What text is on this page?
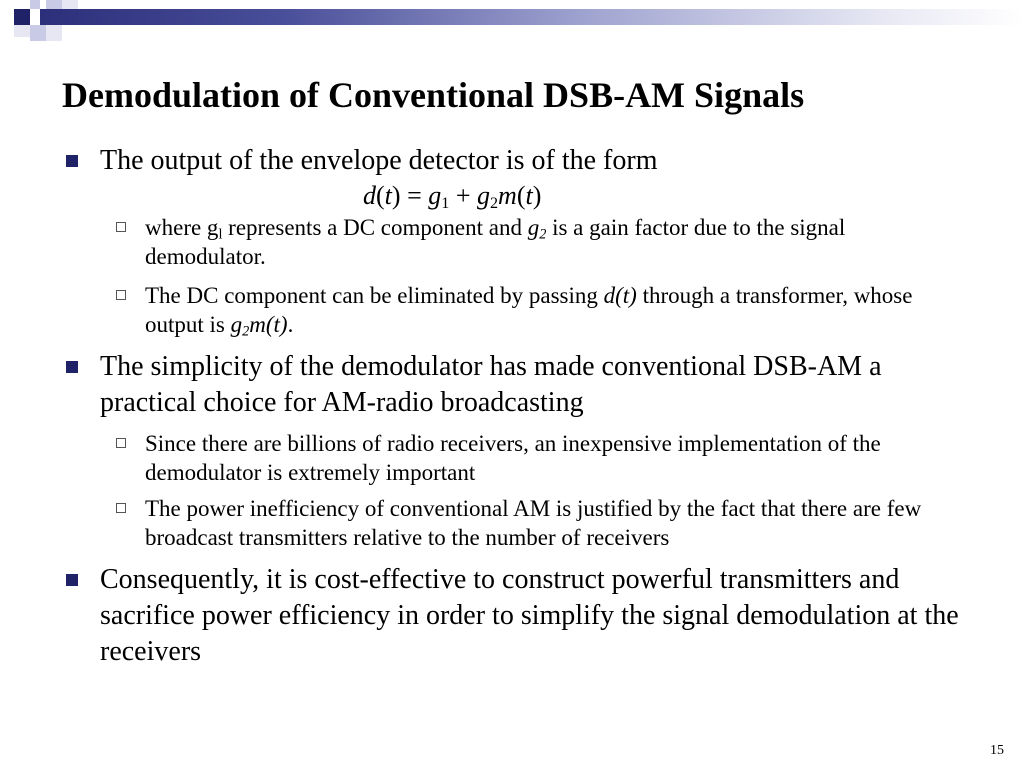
Demodulation of Conventional DSB-AM Signals
The output of the envelope detector is of the form
$d(t) = g_1 + g_2m(t)$
where $g_l$ represents a DC component and $g_2$ is a gain factor due to the signal demodulator.
The DC component can be eliminated by passing d(t) through a transformer, whose output is $g_2m(t)$.
The simplicity of the demodulator has made conventional DSB-AM a practical choice for AM-radio broadcasting
Since there are billions of radio receivers, an inexpensive implementation of the demodulator is extremely important
The power inefficiency of conventional AM is justified by the fact that there are few broadcast transmitters relative to the number of receivers
Consequently, it is cost-effective to construct powerful transmitters and sacrifice power efficiency in order to simplify the signal demodulation at the receivers
15
